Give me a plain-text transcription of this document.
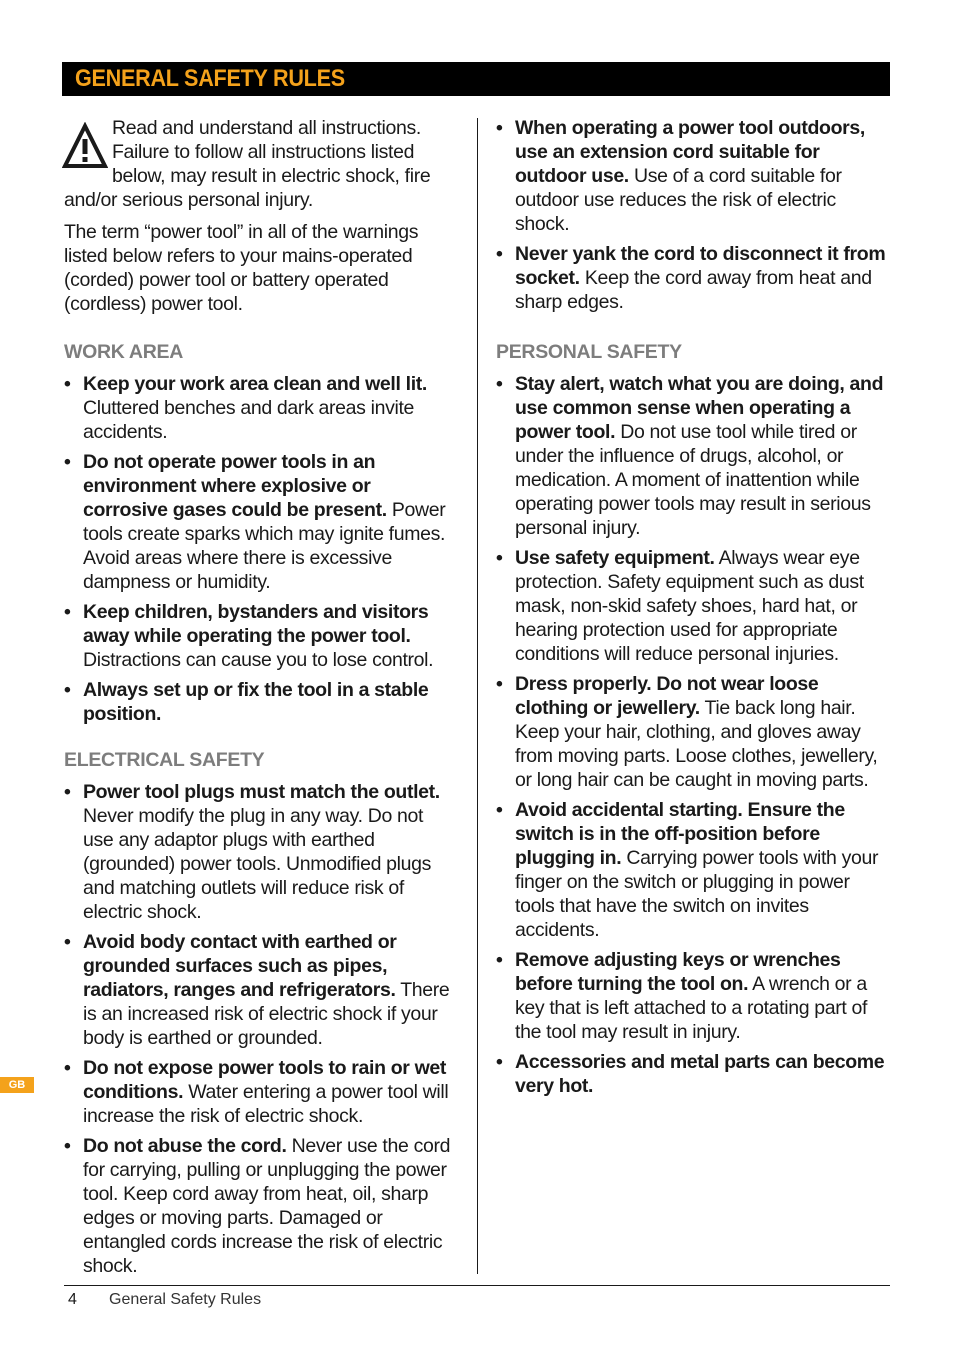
GENERAL SAFETY RULES

Read and understand all instructions. Failure to follow all instructions listed below, may result in electric shock, fire and/or serious personal injury.

The term “power tool” in all of the warnings listed below refers to your mains-operated (corded) power tool or battery operated (cordless) power tool.

WORK AREA
• Keep your work area clean and well lit. Cluttered benches and dark areas invite accidents.
• Do not operate power tools in an environment where explosive or corrosive gases could be present. Power tools create sparks which may ignite fumes. Avoid areas where there is excessive dampness or humidity.
• Keep children, bystanders and visitors away while operating the power tool. Distractions can cause you to lose control.
• Always set up or fix the tool in a stable position.
ELECTRICAL SAFETY
• Power tool plugs must match the outlet. Never modify the plug in any way. Do not use any adaptor plugs with earthed (grounded) power tools. Unmodified plugs and matching outlets will reduce risk of electric shock.
• Avoid body contact with earthed or grounded surfaces such as pipes, radiators, ranges and refrigerators. There is an increased risk of electric shock if your body is earthed or grounded.
• Do not expose power tools to rain or wet conditions. Water entering a power tool will increase the risk of electric shock.
• Do not abuse the cord. Never use the cord for carrying, pulling or unplugging the power tool. Keep cord away from heat, oil, sharp edges or moving parts. Damaged or entangled cords increase the risk of electric shock.
• When operating a power tool outdoors, use an extension cord suitable for outdoor use. Use of a cord suitable for outdoor use reduces the risk of electric shock.
• Never yank the cord to disconnect it from socket. Keep the cord away from heat and sharp edges.
PERSONAL SAFETY
• Stay alert, watch what you are doing, and use common sense when operating a power tool. Do not use tool while tired or under the influence of drugs, alcohol, or medication. A moment of inattention while operating power tools may result in serious personal injury.
• Use safety equipment. Always wear eye protection. Safety equipment such as dust mask, non-skid safety shoes, hard hat, or hearing protection used for appropriate conditions will reduce personal injuries.
• Dress properly. Do not wear loose clothing or jewellery. Tie back long hair. Keep your hair, clothing, and gloves away from moving parts. Loose clothes, jewellery, or long hair can be caught in moving parts.
• Avoid accidental starting. Ensure the switch is in the off-position before plugging in. Carrying power tools with your finger on the switch or plugging in power tools that have the switch on invites accidents.
• Remove adjusting keys or wrenches before turning the tool on. A wrench or a key that is left attached to a rotating part of the tool may result in injury.
• Accessories and metal parts can become very hot.
GB
4 General Safety Rules
